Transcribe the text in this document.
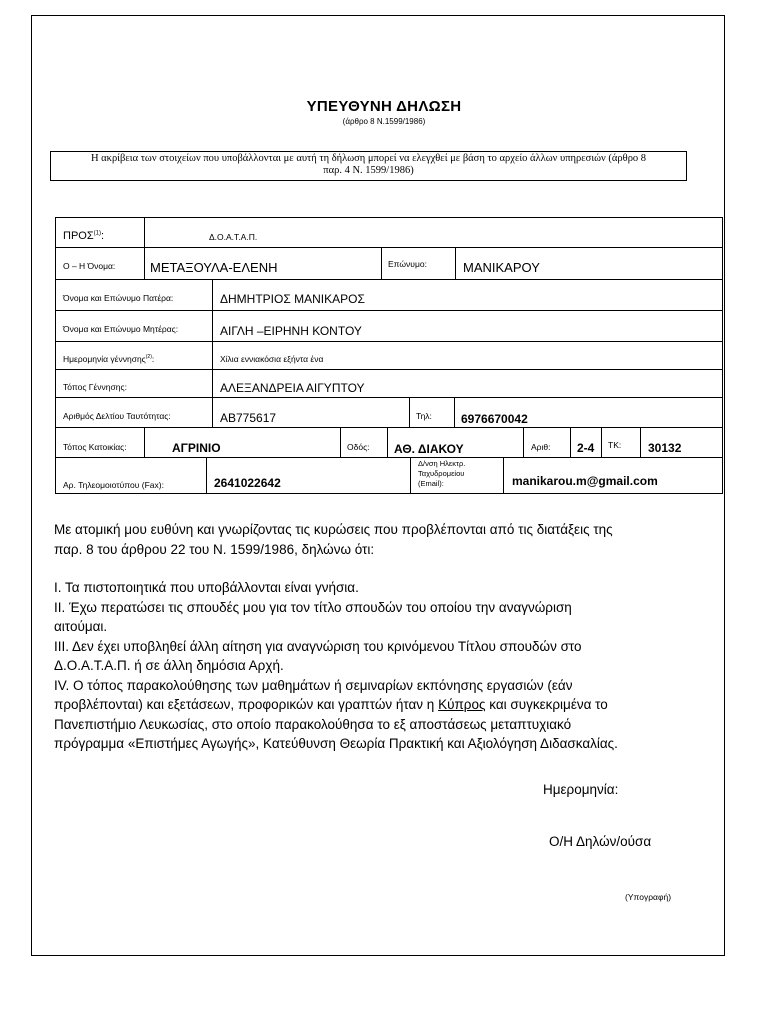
ΥΠΕΥΘΥΝΗ ΔΗΛΩΣΗ
(άρθρο 8 Ν.1599/1986)
Η ακρίβεια των στοιχείων που υποβάλλονται με αυτή τη δήλωση μπορεί να ελεγχθεί με βάση το αρχείο άλλων υπηρεσιών (άρθρο 8
παρ. 4 Ν. 1599/1986)
ΠΡΟΣ$^{(1)}$:	Δ.Ο.Α.Τ.Α.Π.
Ο – Η Όνομα:	ΜΕΤΑΞΟΥΛΑ-ΕΛΕΝΗ	Επώνυμο:	ΜΑΝΙΚΑΡΟΥ
Όνομα και Επώνυμο Πατέρα:	ΔΗΜΗΤΡΙΟΣ ΜΑΝΙΚΑΡΟΣ
Όνομα και Επώνυμο Μητέρας:	ΑΙΓΛΗ –ΕΙΡΗΝΗ ΚΟΝΤΟΥ
Ημερομηνία γέννησης$^{(2)}$:	Χίλια εννιακόσια εξήντα ένα
Τόπος Γέννησης:	ΑΛΕΞΑΝΔΡΕΙΑ ΑΙΓΥΠΤΟΥ
Αριθμός Δελτίου Ταυτότητας:	ΑΒ775617	Τηλ: 6976670042
Τόπος Κατοικίας:	ΑΓΡΙΝΙΟ	Οδός: ΑΘ. ΔΙΑΚΟΥ	Αριθ: 2-4 ΤΚ: 30132
Αρ. Τηλεομοιοτύπου (Fax):	2641022642
Δ/νση Ηλεκτρ.
Ταχυδρομείου
(Εmail):	manikarou.m@gmail.com
Με ατομική μου ευθύνη και γνωρίζοντας τις κυρώσεις που προβλέπονται από τις διατάξεις της
παρ. 8 του άρθρου 22 του Ν. 1599/1986, δηλώνω ότι:
Ι. Τα πιστοποιητικά που υποβάλλονται είναι γνήσια.
ΙΙ. Έχω περατώσει τις σπουδές μου για τον τίτλο σπουδών του οποίου την αναγνώριση
αιτούμαι.
ΙΙΙ. Δεν έχει υποβληθεί άλλη αίτηση για αναγνώριση του κρινόμενου Τίτλου σπουδών στο
Δ.Ο.Α.Τ.Α.Π. ή σε άλλη δημόσια Αρχή.
ΙV. Ο τόπος παρακολούθησης των μαθημάτων ή σεμιναρίων εκπόνησης εργασιών (εάν
προβλέπονται) και εξετάσεων, προφορικών και γραπτών ήταν η Κύπρος και συγκεκριμένα το
Πανεπιστήμιο Λευκωσίας, στο οποίο παρακολούθησα το εξ αποστάσεως μεταπτυχιακό
πρόγραμμα «Επιστήμες Αγωγής», Κατεύθυνση Θεωρία Πρακτική και Αξιολόγηση Διδασκαλίας.
Ημερομηνία:
Ο/Η Δηλών/ούσα
(Υπογραφή)
